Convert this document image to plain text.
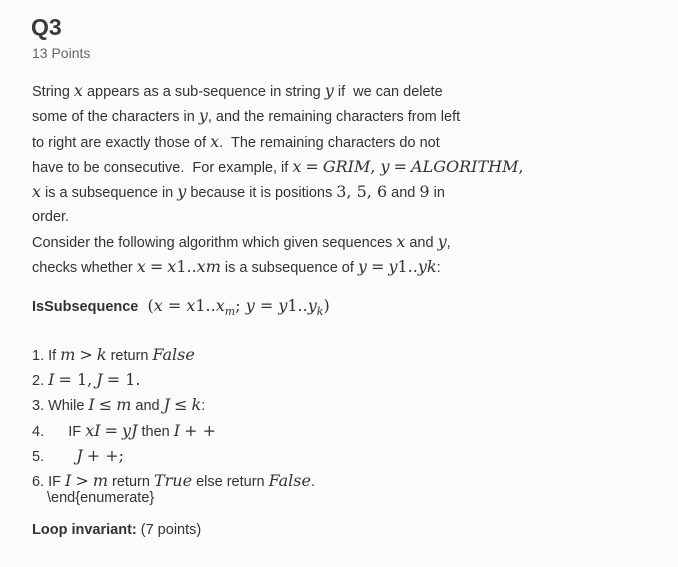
Q3
13 Points
String x appears as a sub-sequence in string y if  we can delete
some of the characters in y, and the remaining characters from left
to right are exactly those of x.  The remaining characters do not
have to be consecutive.  For example, if x = GRIM, y = ALGORITHM,
x is a subsequence in y because it is positions 3, 5, 6 and 9 in
order.
Consider the following algorithm which given sequences x and y,
checks whether x = x1..xm is a subsequence of y = y1..yk:
IsSubsequence  ($x = x1..x_m$; $y = y1..y_k$)
1. If m > k return False
2. I = 1, J = 1.
3. While I ≤ m and J ≤ k:
4.      IF xI = yJ then I + +
5.        J + +;
6. IF I > m return True else return False.
\end{enumerate}
Loop invariant: (7 points)
